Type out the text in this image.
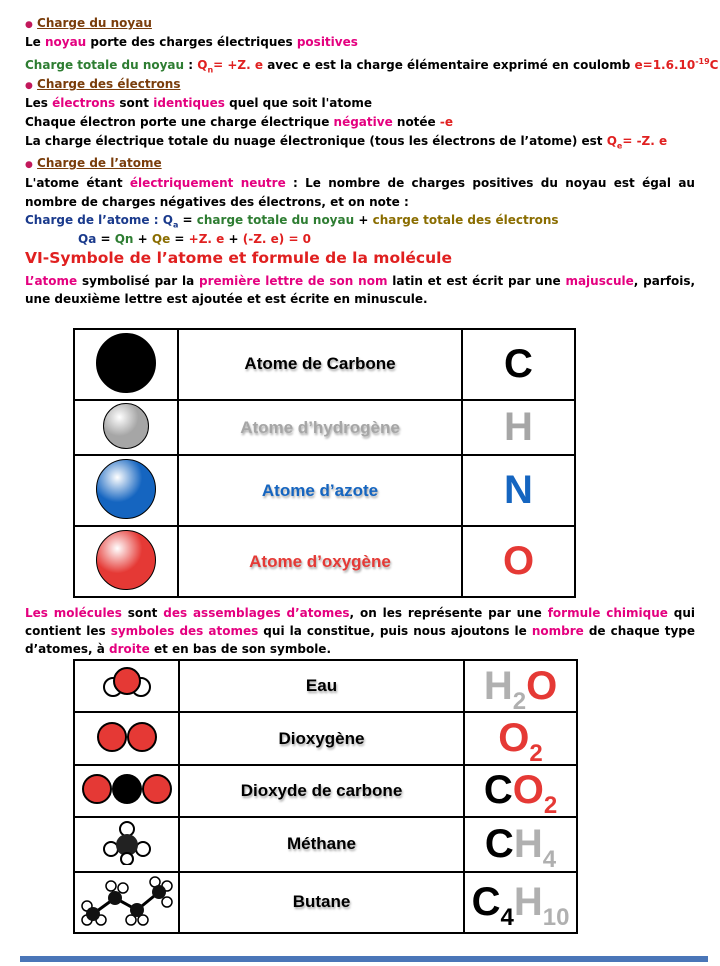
● Charge du noyau
Le noyau porte des charges électriques positives
Charge totale du noyau : $Q_n= +Z$. e avec e est la charge élémentaire exprimé en coulomb $e=1.6.10^{-19}C$
● Charge des électrons
Les électrons sont identiques quel que soit l'atome
Chaque électron porte une charge électrique négative notée -e
La charge électrique totale du nuage électronique (tous les électrons de l’atome) est $Q_e= -Z$. e
● Charge de l’atome
L'atome étant électriquement neutre : Le nombre de charges positives du noyau est égal au nombre de charges négatives des électrons, et on note :
Charge de l’atome : $Q_a$ = charge totale du noyau + charge totale des électrons
Qa = Qn + Qe = +Z. e + (-Z. e) = 0
VI-Symbole de l’atome et formule de la molécule
L’atome symbolisé par la première lettre de son nom latin et est écrit par une majuscule, parfois, une deuxième lettre est ajoutée et est écrite en minuscule.
	Atome de Carbone	C
	Atome d’hydrogène	H
	Atome d’azote	N
	Atome d’oxygène	O
Les molécules sont des assemblages d’atomes, on les représente par une formule chimique qui contient les symboles des atomes qui la constitue, puis nous ajoutons le nombre de chaque type d’atomes, à droite et en bas de son symbole.
	Eau	H2O
	Dioxygène	O2
	Dioxyde de carbone	CO2
	Méthane	CH4
	Butane	C4H10
